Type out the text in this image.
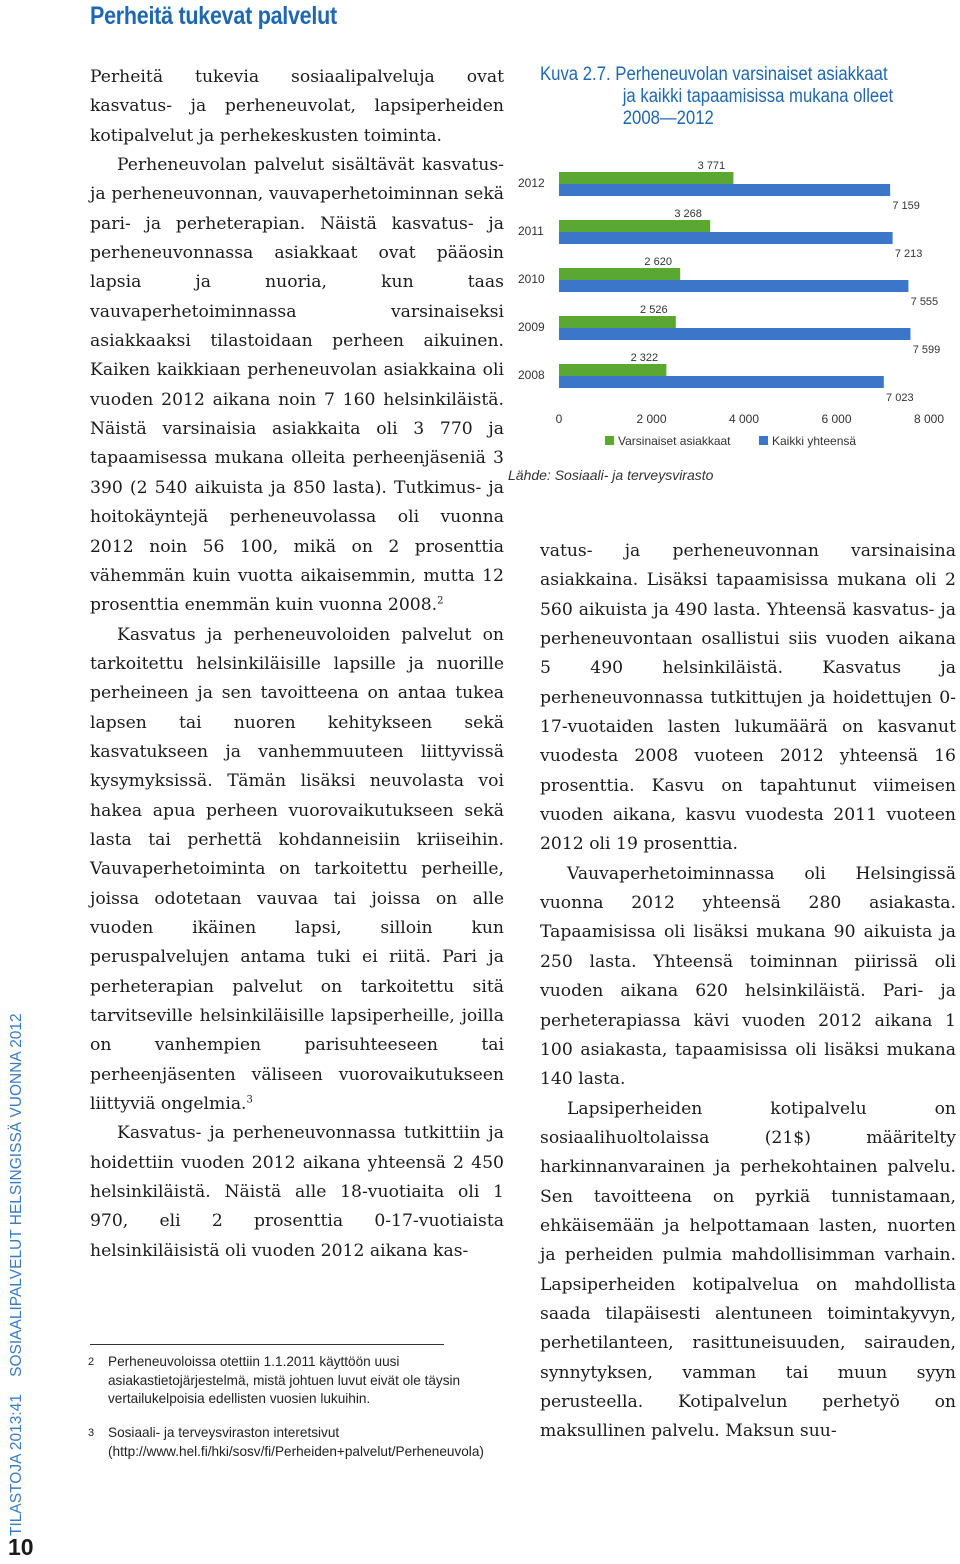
Perheitä tukevat palvelut
TILASTOJA 2013:41    SOSIAALIPALVELUT HELSINGISSÄ VUONNA 2012
10

Perheitä tukevia sosiaalipalveluja ovat kasvatus- ja perheneuvolat, lapsiperheiden kotipalvelut ja perhekeskusten toiminta.

Perheneuvolan palvelut sisältävät kasvatus- ja perheneuvonnan, vauvaperhetoiminnan sekä pari- ja perheterapian. Näistä kasvatus- ja perheneuvonnassa asiakkaat ovat pääosin lapsia ja nuoria, kun taas vauvaperhetoiminnassa varsinaiseksi asiakkaaksi tilastoidaan perheen aikuinen. Kaiken kaikkiaan perheneuvolan asiakkaina oli vuoden 2012 aikana noin 7 160 helsinkiläistä. Näistä varsinaisia asiakkaita oli 3 770 ja tapaamisessa mukana olleita perheenjäseniä 3 390 (2 540 aikuista ja 850 lasta). Tutkimus- ja hoitokäyntejä perheneuvolassa oli vuonna 2012 noin 56 100, mikä on 2 prosenttia vähemmän kuin vuotta aikaisemmin, mutta 12 prosenttia enemmän kuin vuonna 2008.$^2$

Kasvatus ja perheneuvoloiden palvelut on tarkoitettu helsinkiläisille lapsille ja nuorille perheineen ja sen tavoitteena on antaa tukea lapsen tai nuoren kehitykseen sekä kasvatukseen ja vanhemmuuteen liittyvissä kysymyksissä. Tämän lisäksi neuvolasta voi hakea apua perheen vuorovaikutukseen sekä lasta tai perhettä kohdanneisiin kriiseihin. Vauvaperhetoiminta on tarkoitettu perheille, joissa odotetaan vauvaa tai joissa on alle vuoden ikäinen lapsi, silloin kun peruspalvelujen antama tuki ei riitä. Pari ja perheterapian palvelut on tarkoitettu sitä tarvitseville helsinkiläisille lapsiperheille, joilla on vanhempien parisuhteeseen tai perheenjäsenten väliseen vuorovaikutukseen liittyviä ongelmia.$^3$

Kasvatus- ja perheneuvonnassa tutkittiin ja hoidettiin vuoden 2012 aikana yhteensä 2 450 helsinkiläistä. Näistä alle 18-vuotiaita oli 1 970, eli 2 prosenttia 0-17-vuotiaista helsinkiläisistä oli vuoden 2012 aikana kas-

2	Perheneuvoloissa otettiin 1.1.2011 käyttöön uusi asiakastietojärjestelmä, mistä johtuen luvut eivät ole täysin vertailukelpoisia edellisten vuosien lukuihin.
3	Sosiaali- ja terveysviraston interetsivut (http://www.hel.fi/hki/sosv/fi/Perheiden+palvelut/Perheneuvola)
Kuva 2.7. Perheneuvolan varsinaiset asiakkaat
ja kaikki tapaamisissa mukana olleet
2008—2012
2012
3 771
7 159
2011
3 268
7 213
2010
2 620
7 555
2009
2 526
7 599
2008
2 322
7 023
0	2 000	4 000	6 000	8 000
Varsinaiset asiakkaat	Kaikki yhteensä
Lähde: Sosiaali- ja terveysvirasto

vatus- ja perheneuvonnan varsinaisina asiakkaina. Lisäksi tapaamisissa mukana oli 2 560 aikuista ja 490 lasta. Yhteensä kasvatus- ja perheneuvontaan osallistui siis vuoden aikana 5 490 helsinkiläistä. Kasvatus ja perheneuvonnassa tutkittujen ja hoidettujen 0-17-vuotaiden lasten lukumäärä on kasvanut vuodesta 2008 vuoteen 2012 yhteensä 16 prosenttia. Kasvu on tapahtunut viimeisen vuoden aikana, kasvu vuodesta 2011 vuoteen 2012 oli 19 prosenttia.

Vauvaperhetoiminnassa oli Helsingissä vuonna 2012 yhteensä 280 asiakasta. Tapaamisissa oli lisäksi mukana 90 aikuista ja 250 lasta. Yhteensä toiminnan piirissä oli vuoden aikana 620 helsinkiläistä. Pari- ja perheterapiassa kävi vuoden 2012 aikana 1 100 asiakasta, tapaamisissa oli lisäksi mukana 140 lasta.

Lapsiperheiden kotipalvelu on sosiaalihuoltolaissa (21$) määritelty harkinnanvarainen ja perhekohtainen palvelu. Sen tavoitteena on pyrkiä tunnistamaan, ehkäisemään ja helpottamaan lasten, nuorten ja perheiden pulmia mahdollisimman varhain. Lapsiperheiden kotipalvelua on mahdollista saada tilapäisesti alentuneen toimintakyvyn, perhetilanteen, rasittuneisuuden, sairauden, synnytyksen, vamman tai muun syyn perusteella. Kotipalvelun perhetyö on maksullinen palvelu. Maksun suu-
